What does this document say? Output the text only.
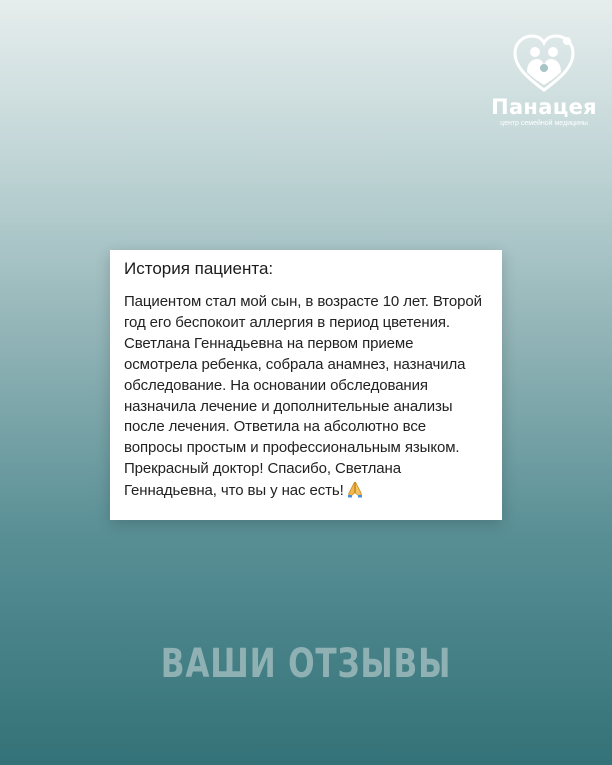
Панацея
центр семейной медицины
История пациента:

Пациентом стал мой сын, в возрасте 10 лет. Второй год его беспокоит аллергия в период цветения. Светлана Геннадьевна на первом приеме осмотрела ребенка, собрала анамнез, назначила обследование. На основании обследования назначила лечение и дополнительные анализы после лечения. Ответила на абсолютно все вопросы простым и профессиональным языком. Прекрасный доктор! Спасибо, Светлана Геннадьевна, что вы у нас есть!

ВАШИ ОТЗЫВЫ
